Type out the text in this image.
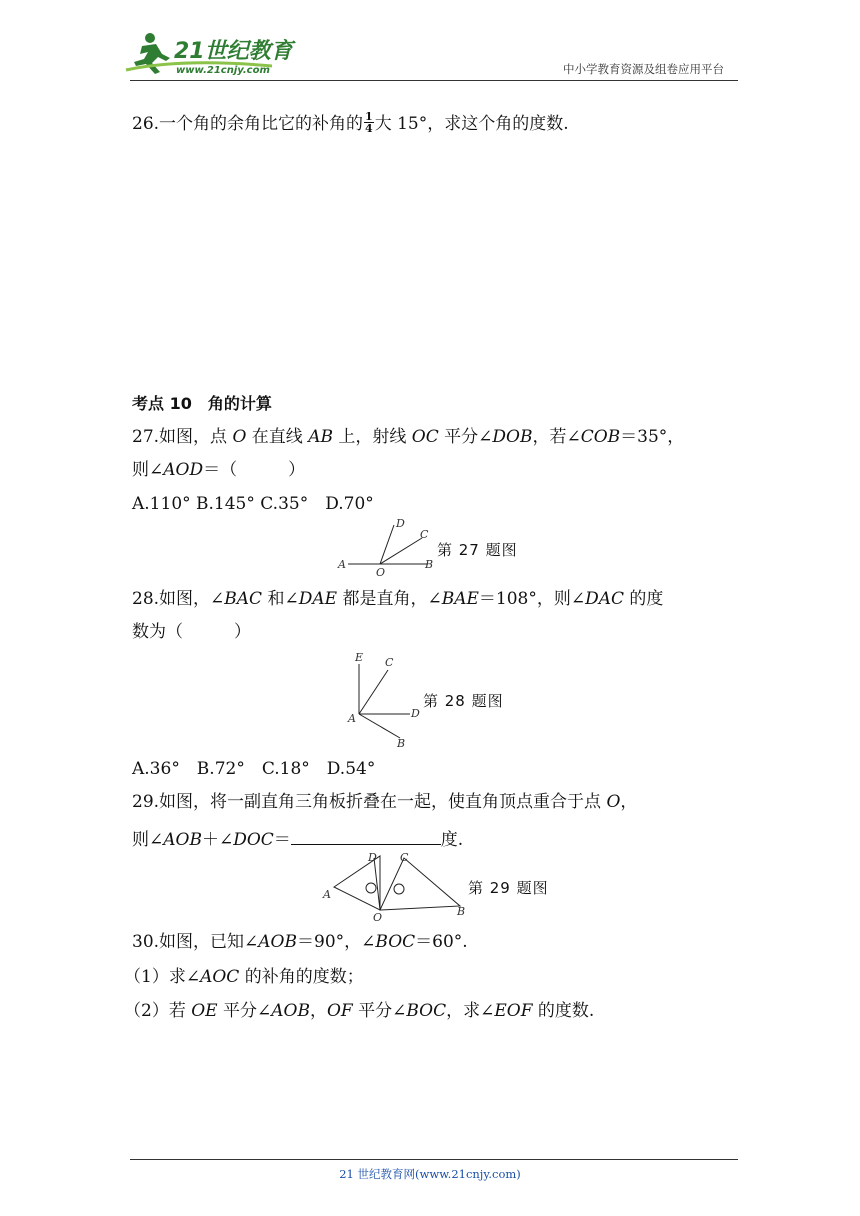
21世纪教育
www.21cnjy.com	中小学教育资源及组卷应用平台
26.一个角的余角比它的补角的 $\frac{1}{4}$ 大 15°，求这个角的度数.
考点 10　 角的计算
27.如图，点 O 在直线 AB 上，射线 OC 平分∠DOB，若∠COB＝35°，
则∠AOD＝（　　　）
A.110° B.145° C.35°　D.70°
A
O
B
C
D
第 27 题图
28.如图，∠BAC 和∠DAE 都是直角，∠BAE＝108°，则∠DAC 的度
数为（　　　）
E C
A	D
B
第 28 题图
A.36°　B.72°　C.18°　D.54°
29.如图，将一副直角三角板折叠在一起，使直角顶点重合于点 O，
则∠AOB＋∠DOC＝	度.
A
D C
O	B
第 29 题图
30.如图，已知∠AOB＝90°，∠BOC＝60°.
（1）求∠AOC 的补角的度数；
（2）若 OE 平分∠AOB，OF 平分∠BOC，求∠EOF 的度数.
21 世纪教育网(www.21cnjy.com)
